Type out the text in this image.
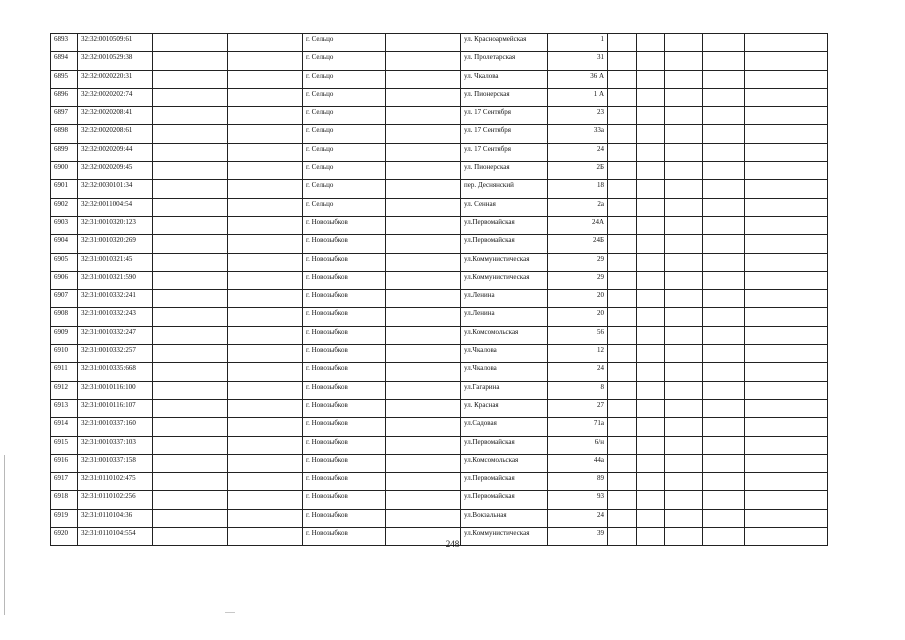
6893	32:32:0010509:61			г. Сельцо		ул. Красноармейская	1					
6894	32:32:0010529:38			г. Сельцо		ул. Пролетарская	31					
6895	32:32:0020220:31			г. Сельцо		ул. Чкалова	36 А					
6896	32:32:0020202:74			г. Сельцо		ул. Пионерская	1 А					
6897	32:32:0020208:41			г. Сельцо		ул. 17 Сентября	23					
6898	32:32:0020208:61			г. Сельцо		ул. 17 Сентября	33а					
6899	32:32:0020209:44			г. Сельцо		ул. 17 Сентября	24					
6900	32:32:0020209:45			г. Сельцо		ул. Пионерская	2Б					
6901	32:32:0030101:34			г. Сельцо		пер. Деснянский	18					
6902	32:32:0011004:54			г. Сельцо		ул. Сенная	2а					
6903	32:31:0010320:123			г. Новозыбков		ул.Первомайская	24А					
6904	32:31:0010320:269			г. Новозыбков		ул.Первомайская	24Б					
6905	32:31:0010321:45			г. Новозыбков		ул.Коммунистическая	29					
6906	32:31:0010321:590			г. Новозыбков		ул.Коммунистическая	29					
6907	32:31:0010332:241			г. Новозыбков		ул.Ленина	20					
6908	32:31:0010332:243			г. Новозыбков		ул.Ленина	20					
6909	32:31:0010332:247			г. Новозыбков		ул.Комсомольская	56					
6910	32:31:0010332:257			г. Новозыбков		ул.Чкалова	12					
6911	32:31:0010335:668			г. Новозыбков		ул.Чкалова	24					
6912	32:31:0010116:100			г. Новозыбков		ул.Гагарина	8					
6913	32:31:0010116:107			г. Новозыбков		ул. Красная	27					
6914	32:31:0010337:160			г. Новозыбков		ул.Садовая	71а					
6915	32:31:0010337:103			г. Новозыбков		ул.Первомайская	6/н					
6916	32:31:0010337:158			г. Новозыбков		ул.Комсомольская	44а					
6917	32:31:0110102:475			г. Новозыбков		ул.Первомайская	89					
6918	32:31:0110102:256			г. Новозыбков		ул.Первомайская	93					
6919	32:31:0110104:36			г. Новозыбков		ул.Вокзальная	24					
6920	32:31:0110104:554			г. Новозыбков		ул.Коммунистическая	39					
248
